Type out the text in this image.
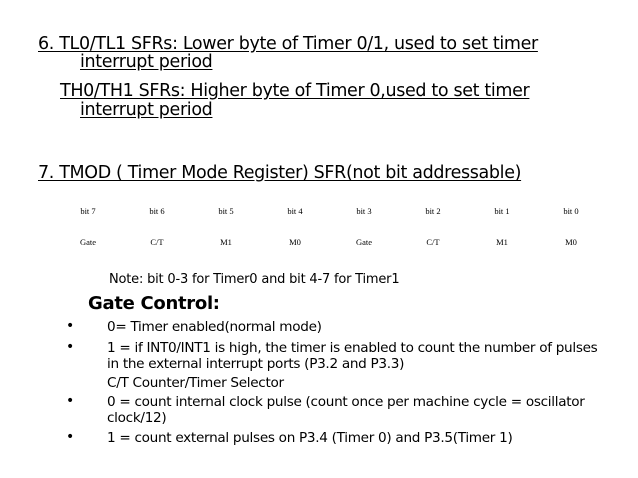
6. TL0/TL1 SFRs: Lower byte of Timer 0/1, used to set timer
interrupt period
TH0/TH1 SFRs: Higher byte of Timer 0,used to set timer
interrupt period
7. TMOD ( Timer Mode Register) SFR(not bit addressable)
bit 7	bit 6	bit 5	bit 4	bit 3	bit 2	bit 1	bit 0
Gate	C/T	M1	M0	Gate	C/T	M1	M0
Note: bit 0-3 for Timer0 and bit 4-7 for Timer1
Gate Control:
• 0= Timer enabled(normal mode)
• 1 = if INT0/INT1 is high, the timer is enabled to count the number of pulses
in the external interrupt ports (P3.2 and P3.3)
C/T Counter/Timer Selector
• 0 = count internal clock pulse (count once per machine cycle = oscillator
clock/12)
• 1 = count external pulses on P3.4 (Timer 0) and P3.5(Timer 1)
